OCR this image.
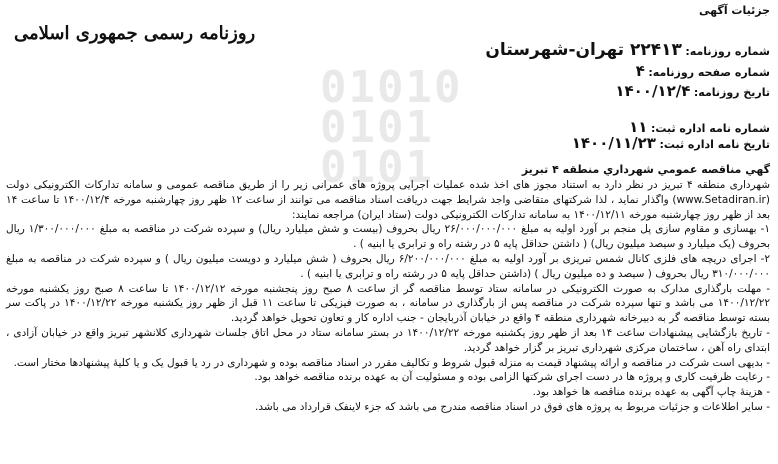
01010
0101
0101
جزئیات آگهی
روزنامه رسمی جمهوری اسلامی
شماره روزنامه: ۲۲۴۱۳ تهران-شهرستان
شماره صفحه روزنامه: ۴
تاریخ روزنامه: ۱۴۰۰/۱۲/۴
شماره نامه اداره ثبت: ۱۱
تاریخ نامه اداره ثبت: ۱۴۰۰/۱۱/۲۳
گهي مناقصه عمومي شهرداري منطقه ۴ تبريز

شهرداری منطقه ۴ تبریز در نظر دارد به استناد مجوز های اخذ شده عملیات اجرایی پروژه های عمرانی زیر را از طریق مناقصه عمومی و سامانه تدارکات الکترونیکی دولت (www.Setadiran.ir) واگذار نماید ، لذا شرکتهای متقاضی واجد شرایط جهت دریافت اسناد مناقصه می توانند از ساعت ۱۲ ظهر روز چهارشنبه مورخه ۱۴۰۰/۱۲/۴ تا ساعت ۱۴ بعد از ظهر روز چهارشنبه مورخه ۱۴۰۰/۱۲/۱۱ به سامانه تدارکات الکترونیکی دولت (ستاد ایران) مراجعه نمایند:

۱- بهسازی و مقاوم سازی پل منجم بر آورد اولیه به مبلغ ۲۶/۰۰۰/۰۰۰/۰۰۰ ریال بحروف (بیست و شش میلیارد ریال) و سپرده شرکت در مناقصه به مبلغ ۱/۳۰۰/۰۰۰/۰۰۰ ریال بحروف (یک میلیارد و سیصد میلیون ریال) ( داشتن حداقل پایه ۵ در رشته راه و ترابری یا ابنیه ) .

۲- اجرای دریچه های فلزی کانال شمس تبریزی بر آورد اولیه به مبلغ ۶/۲۰۰/۰۰۰/۰۰۰ ریال بحروف ( شش میلیارد و دویست میلیون ریال ) و سپرده شرکت در مناقصه به مبلغ ۳۱۰/۰۰۰/۰۰۰ ریال بحروف ( سیصد و ده میلیون ریال ) (داشتن حداقل پایه ۵ در رشته راه و ترابری یا ابنیه ) .

- مهلت بارگذاری مدارک به صورت الکترونیکی در سامانه ستاد توسط مناقصه گر از ساعت ۸ صبح روز پنجشنبه مورخه ۱۴۰۰/۱۲/۱۲ تا ساعت ۸ صبح روز یکشنبه مورخه ۱۴۰۰/۱۲/۲۲ می باشد و تنها سپرده شرکت در مناقصه پس از بارگذاری در سامانه ، به صورت فیزیکی تا ساعت ۱۱ قبل از ظهر روز یکشنبه مورخه ۱۴۰۰/۱۲/۲۲ در پاکت سر بسته توسط مناقصه گر به دبیرخانه شهرداری منطقه ۴ واقع در خیابان آذربایجان - جنب اداره کار و تعاون تحویل خواهد گردید.

- تاریخ بازگشایی پیشنهادات ساعت ۱۴ بعد از ظهر روز یکشنبه مورخه ۱۴۰۰/۱۲/۲۲ در بستر سامانه ستاد در محل اتاق جلسات شهرداری کلانشهر تبریز واقع در خیابان آزادی ، ابتدای راه آهن ، ساختمان مرکزی شهرداری تبریز بر گزار خواهد گردید.

- بدیهی است شرکت در مناقصه و ارائه پیشنهاد قیمت به منزله قبول شروط و تکالیف مقرر در اسناد مناقصه بوده و شهرداری در رد یا قبول یک و یا کلیهٔ پیشنهادها مختار است.

- رعایت ظرفیت کاری و پروژه ها در دست اجرای شرکتها الزامی بوده و مسئولیت آن به عهده برنده مناقصه خواهد بود.

- هزینهٔ چاپ آگهی به عهده برنده مناقصه ها خواهد بود.

- سایر اطلاعات و جزئیات مربوط به پروژه های فوق در اسناد مناقصه مندرج می باشد که جزء لاینفک قرارداد می باشد.
